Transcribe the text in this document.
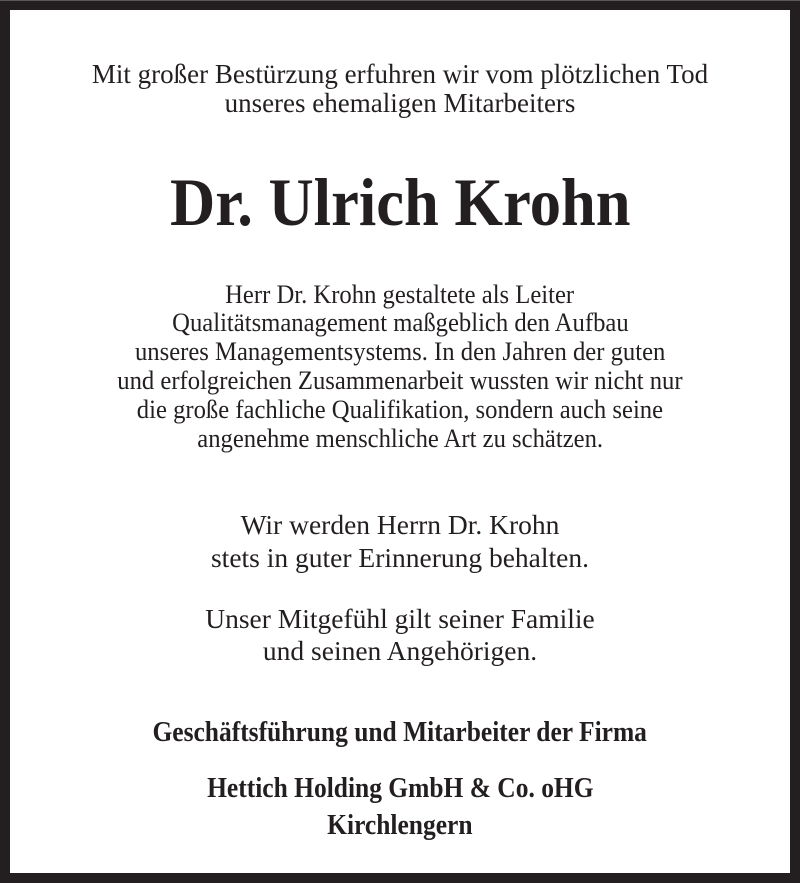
Mit großer Bestürzung erfuhren wir vom plötzlichen Tod
unseres ehemaligen Mitarbeiters
Dr. Ulrich Krohn
Herr Dr. Krohn gestaltete als Leiter
Qualitätsmanagement maßgeblich den Aufbau
unseres Managementsystems. In den Jahren der guten
und erfolgreichen Zusammenarbeit wussten wir nicht nur
die große fachliche Qualifikation, sondern auch seine
angenehme menschliche Art zu schätzen.
Wir werden Herrn Dr. Krohn
stets in guter Erinnerung behalten.
Unser Mitgefühl gilt seiner Familie
und seinen Angehörigen.
Geschäftsführung und Mitarbeiter der Firma
Hettich Holding GmbH & Co. oHG
Kirchlengern
